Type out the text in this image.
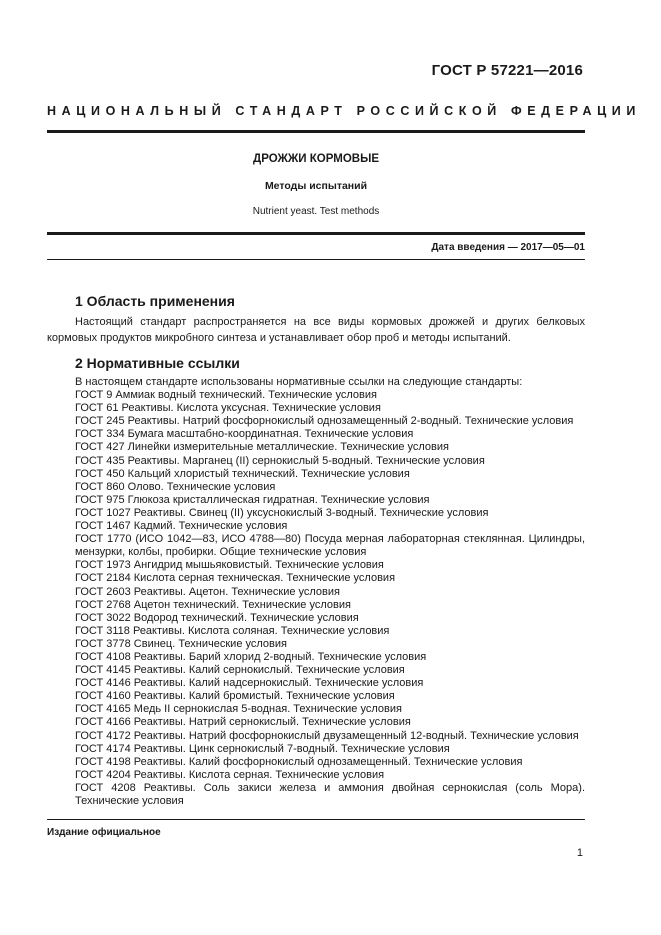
ГОСТ Р 57221—2016
НАЦИОНАЛЬНЫЙ СТАНДАРТ РОССИЙСКОЙ ФЕДЕРАЦИИ
ДРОЖЖИ КОРМОВЫЕ
Методы испытаний
Nutrient yeast. Test methods
Дата введения — 2017—05—01
1 Область применения
Настоящий стандарт распространяется на все виды кормовых дрожжей и других белковых кормовых продуктов микробного синтеза и устанавливает обор проб и методы испытаний.
2 Нормативные ссылки
В настоящем стандарте использованы нормативные ссылки на следующие стандарты:
ГОСТ 9 Аммиак водный технический. Технические условия
ГОСТ 61 Реактивы. Кислота уксусная. Технические условия
ГОСТ 245 Реактивы. Натрий фосфорнокислый однозамещенный 2-водный. Технические условия
ГОСТ 334 Бумага масштабно-координатная. Технические условия
ГОСТ 427 Линейки измерительные металлические. Технические условия
ГОСТ 435 Реактивы. Марганец (II) сернокислый 5-водный. Технические условия
ГОСТ 450 Кальций хлористый технический. Технические условия
ГОСТ 860 Олово. Технические условия
ГОСТ 975 Глюкоза кристаллическая гидратная. Технические условия
ГОСТ 1027 Реактивы. Свинец (II) уксуснокислый 3-водный. Технические условия
ГОСТ 1467 Кадмий. Технические условия
ГОСТ 1770 (ИСО 1042—83, ИСО 4788—80) Посуда мерная лабораторная стеклянная. Цилиндры, мензурки, колбы, пробирки. Общие технические условия
ГОСТ 1973 Ангидрид мышьяковистый. Технические условия
ГОСТ 2184 Кислота серная техническая. Технические условия
ГОСТ 2603 Реактивы. Ацетон. Технические условия
ГОСТ 2768 Ацетон технический. Технические условия
ГОСТ 3022 Водород технический. Технические условия
ГОСТ 3118 Реактивы. Кислота соляная. Технические условия
ГОСТ 3778 Свинец. Технические условия
ГОСТ 4108 Реактивы. Барий хлорид 2-водный. Технические условия
ГОСТ 4145 Реактивы. Калий сернокислый. Технические условия
ГОСТ 4146 Реактивы. Калий надсернокислый. Технические условия
ГОСТ 4160 Реактивы. Калий бромистый. Технические условия
ГОСТ 4165 Медь II сернокислая 5-водная. Технические условия
ГОСТ 4166 Реактивы. Натрий сернокислый. Технические условия
ГОСТ 4172 Реактивы. Натрий фосфорнокислый двузамещенный 12-водный. Технические условия
ГОСТ 4174 Реактивы. Цинк сернокислый 7-водный. Технические условия
ГОСТ 4198 Реактивы. Калий фосфорнокислый однозамещенный. Технические условия
ГОСТ 4204 Реактивы. Кислота серная. Технические условия
ГОСТ 4208 Реактивы. Соль закиси железа и аммония двойная сернокислая (соль Мора). Технические условия
Издание официальное
1
